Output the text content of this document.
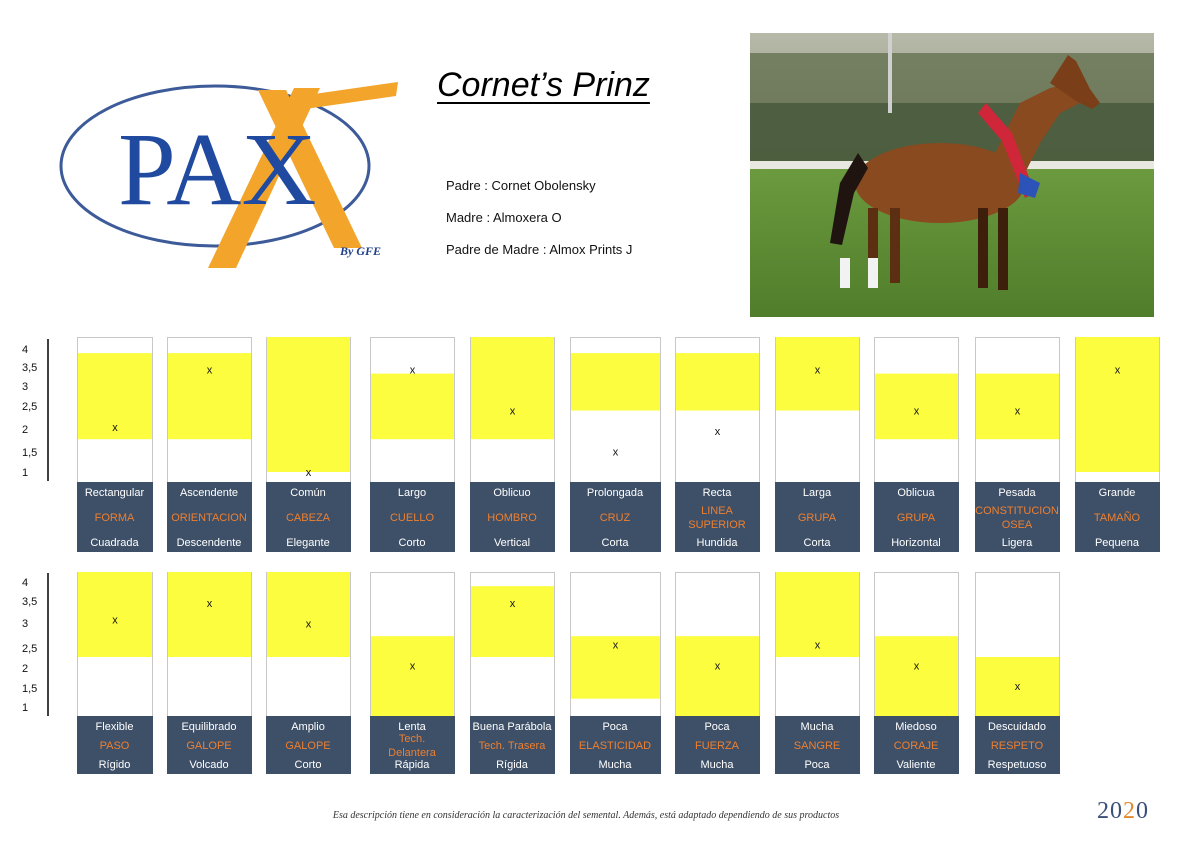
PAX
By GFE
Cornet’s Prinz
Padre : Cornet Obolensky
Madre : Almoxera O
Padre de Madre : Almox Prints J
4
3,5
3
2,5
2
1,5
1
x
Rectangular
Cuadrada
FORMA
x
Ascendente
Descendente
ORIENTACION
x
Común
Elegante
CABEZA
x
Largo
Corto
CUELLO
x
Oblicuo
Vertical
HOMBRO
x
Prolongada
Corta
CRUZ
x
Recta
Hundida
LINEA
SUPERIOR
x
Larga
Corta
GRUPA
x
Oblicua
Horizontal
GRUPA
x
Pesada
Ligera
CONSTITUCION
OSEA
x
Grande
Pequena
TAMAÑO
4
3,5
3
2,5
2
1,5
1
x
Flexible
Rígido
PASO
x
Equilibrado
Volcado
GALOPE
x
Amplio
Corto
GALOPE
x
Lenta
Rápida
Tech.
Delantera
x
Buena Parábola
Rígida
Tech. Trasera
x
Poca
Mucha
ELASTICIDAD
x
Poca
Mucha
FUERZA
x
Mucha
Poca
SANGRE
x
Miedoso
Valiente
CORAJE
x
Descuidado
Respetuoso
RESPETO
Esa descripción tiene en consideración la caracterización del semental. Además, está adaptado dependiendo de sus productos	2020
